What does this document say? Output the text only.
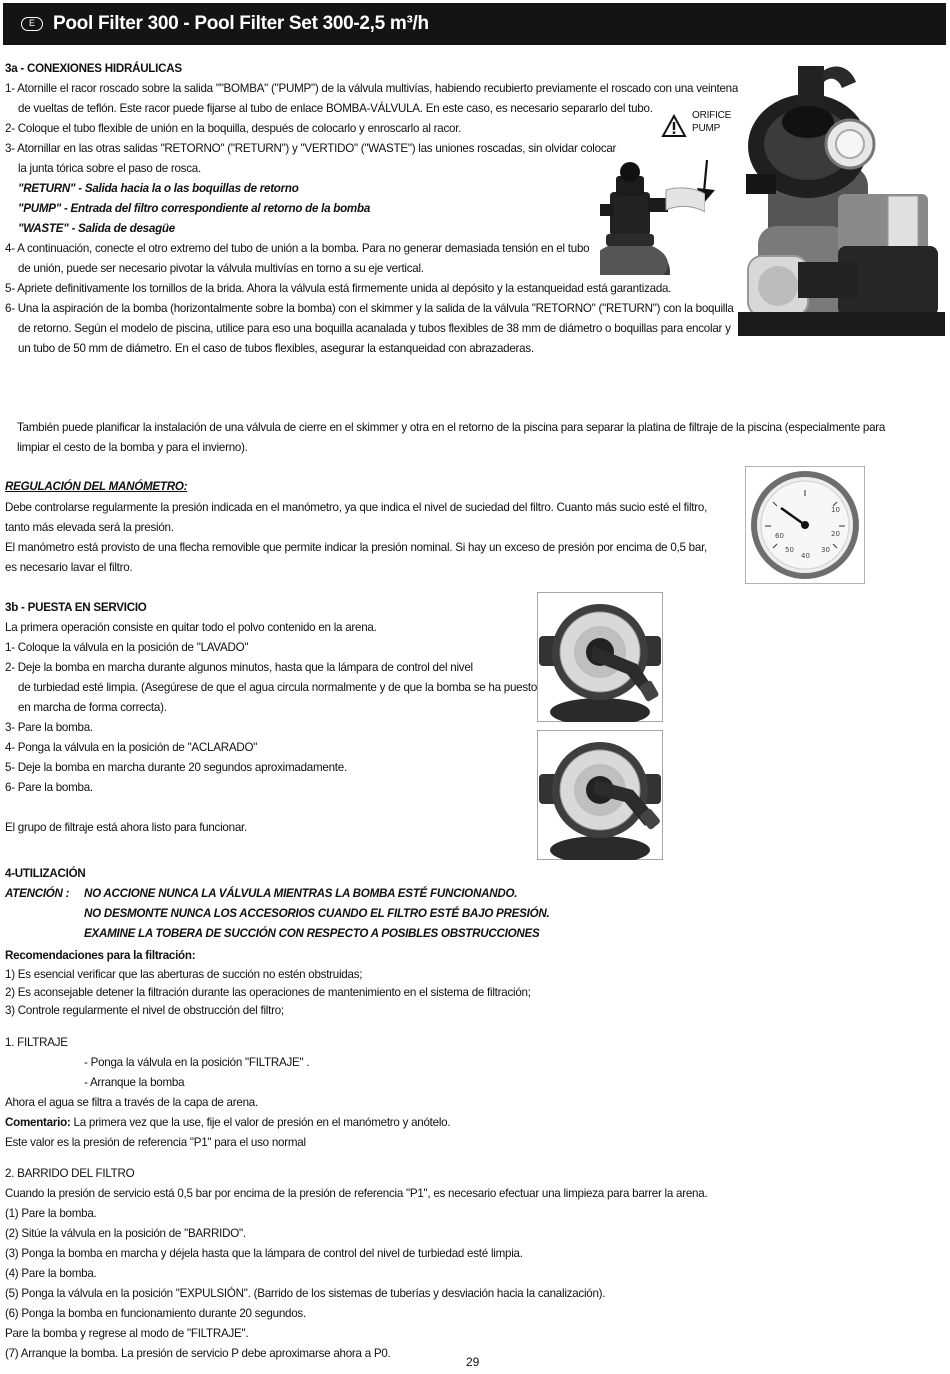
E Pool Filter 300 - Pool Filter Set 300-2,5 m³/h
3a - CONEXIONES HIDRÁULICAS
1- Atornille el racor roscado sobre la salida ""BOMBA" ("PUMP") de la válvula multivías, habiendo recubierto previamente el roscado con una veintena
de vueltas de teflón. Este racor puede fijarse al tubo de enlace BOMBA-VÁLVULA. En este caso, es necesario separarlo del tubo.
2- Coloque el tubo flexible de unión en la boquilla, después de colocarlo y enroscarlo al racor.
3- Atornillar en las otras salidas "RETORNO" ("RETURN") y "VERTIDO" ("WASTE") las uniones roscadas, sin olvidar colocar
la junta tórica sobre el paso de rosca.
"RETURN" - Salida hacia la o las boquillas de retorno
"PUMP" - Entrada del filtro correspondiente al retorno de la bomba
"WASTE" - Salida de desagüe
4- A continuación, conecte el otro extremo del tubo de unión a la bomba. Para no generar demasiada tensión en el tubo
de unión, puede ser necesario pivotar la válvula multivías en torno a su eje vertical.
5- Apriete definitivamente los tornillos de la brida. Ahora la válvula está firmemente unida al depósito y la estanqueidad está garantizada.
6- Una la aspiración de la bomba (horizontalmente sobre la bomba) con el skimmer y la salida de la válvula "RETORNO" ("RETURN") con la boquilla
de retorno. Según el modelo de piscina, utilice para eso una boquilla acanalada y tubos flexibles de 38 mm de diámetro o boquillas para encolar y
un tubo de 50 mm de diámetro. En el caso de tubos flexibles, asegurar la estanqueidad con abrazaderas.
ORIFICE
PUMP
También puede planificar la instalación de una válvula de cierre en el skimmer y otra en el retorno de la piscina para separar la platina de filtraje de la piscina (especialmente para
limpiar el cesto de la bomba y para el invierno).
REGULACIÓN DEL MANÓMETRO:
Debe controlarse regularmente la presión indicada en el manómetro, ya que indica el nivel de suciedad del filtro. Cuanto más sucio esté el filtro,
tanto más elevada será la presión.
El manómetro está provisto de una flecha removible que permite indicar la presión nominal. Si hay un exceso de presión por encima de 0,5 bar,
es necesario lavar el filtro.
10
20
30
40
50
60
3b - PUESTA EN SERVICIO
La primera operación consiste en quitar todo el polvo contenido en la arena.
1- Coloque la válvula en la posición de "LAVADO"
2- Deje la bomba en marcha durante algunos minutos, hasta que la lámpara de control del nivel
de turbiedad esté limpia. (Asegúrese de que el agua circula normalmente y de que la bomba se ha puesto
en marcha de forma correcta).
3- Pare la bomba.
4- Ponga la válvula en la posición de "ACLARADO"
5- Deje la bomba en marcha durante 20 segundos aproximadamente.
6- Pare la bomba.
El grupo de filtraje está ahora listo para funcionar.
4-UTILIZACIÓN
ATENCIÓN : NO ACCIONE NUNCA LA VÁLVULA MIENTRAS LA BOMBA ESTÉ FUNCIONANDO.
NO DESMONTE NUNCA LOS ACCESORIOS CUANDO EL FILTRO ESTÉ BAJO PRESIÓN.
EXAMINE LA TOBERA DE SUCCIÓN CON RESPECTO A POSIBLES OBSTRUCCIONES
Recomendaciones para la filtración:
1) Es esencial verificar que las aberturas de succión no estén obstruidas;
2) Es aconsejable detener la filtración durante las operaciones de mantenimiento en el sistema de filtración;
3) Controle regularmente el nivel de obstrucción del filtro;
1. FILTRAJE
- Ponga la válvula en la posición "FILTRAJE" .
- Arranque la bomba
Ahora el agua se filtra a través de la capa de arena.
Comentario: La primera vez que la use, fije el valor de presión en el manómetro y anótelo.
Este valor es la presión de referencia "P1" para el uso normal
2. BARRIDO DEL FILTRO
Cuando la presión de servicio está 0,5 bar por encima de la presión de referencia "P1", es necesario efectuar una limpieza para barrer la arena.
(1) Pare la bomba.
(2) Sitúe la válvula en la posición de "BARRIDO".
(3) Ponga la bomba en marcha y déjela hasta que la lámpara de control del nivel de turbiedad esté limpia.
(4) Pare la bomba.
(5) Ponga la válvula en la posición "EXPULSIÓN". (Barrido de los sistemas de tuberías y desviación hacia la canalización).
(6) Ponga la bomba en funcionamiento durante 20 segundos.
Pare la bomba y regrese al modo de "FILTRAJE".
(7) Arranque la bomba. La presión de servicio P debe aproximarse ahora a P0.
29
